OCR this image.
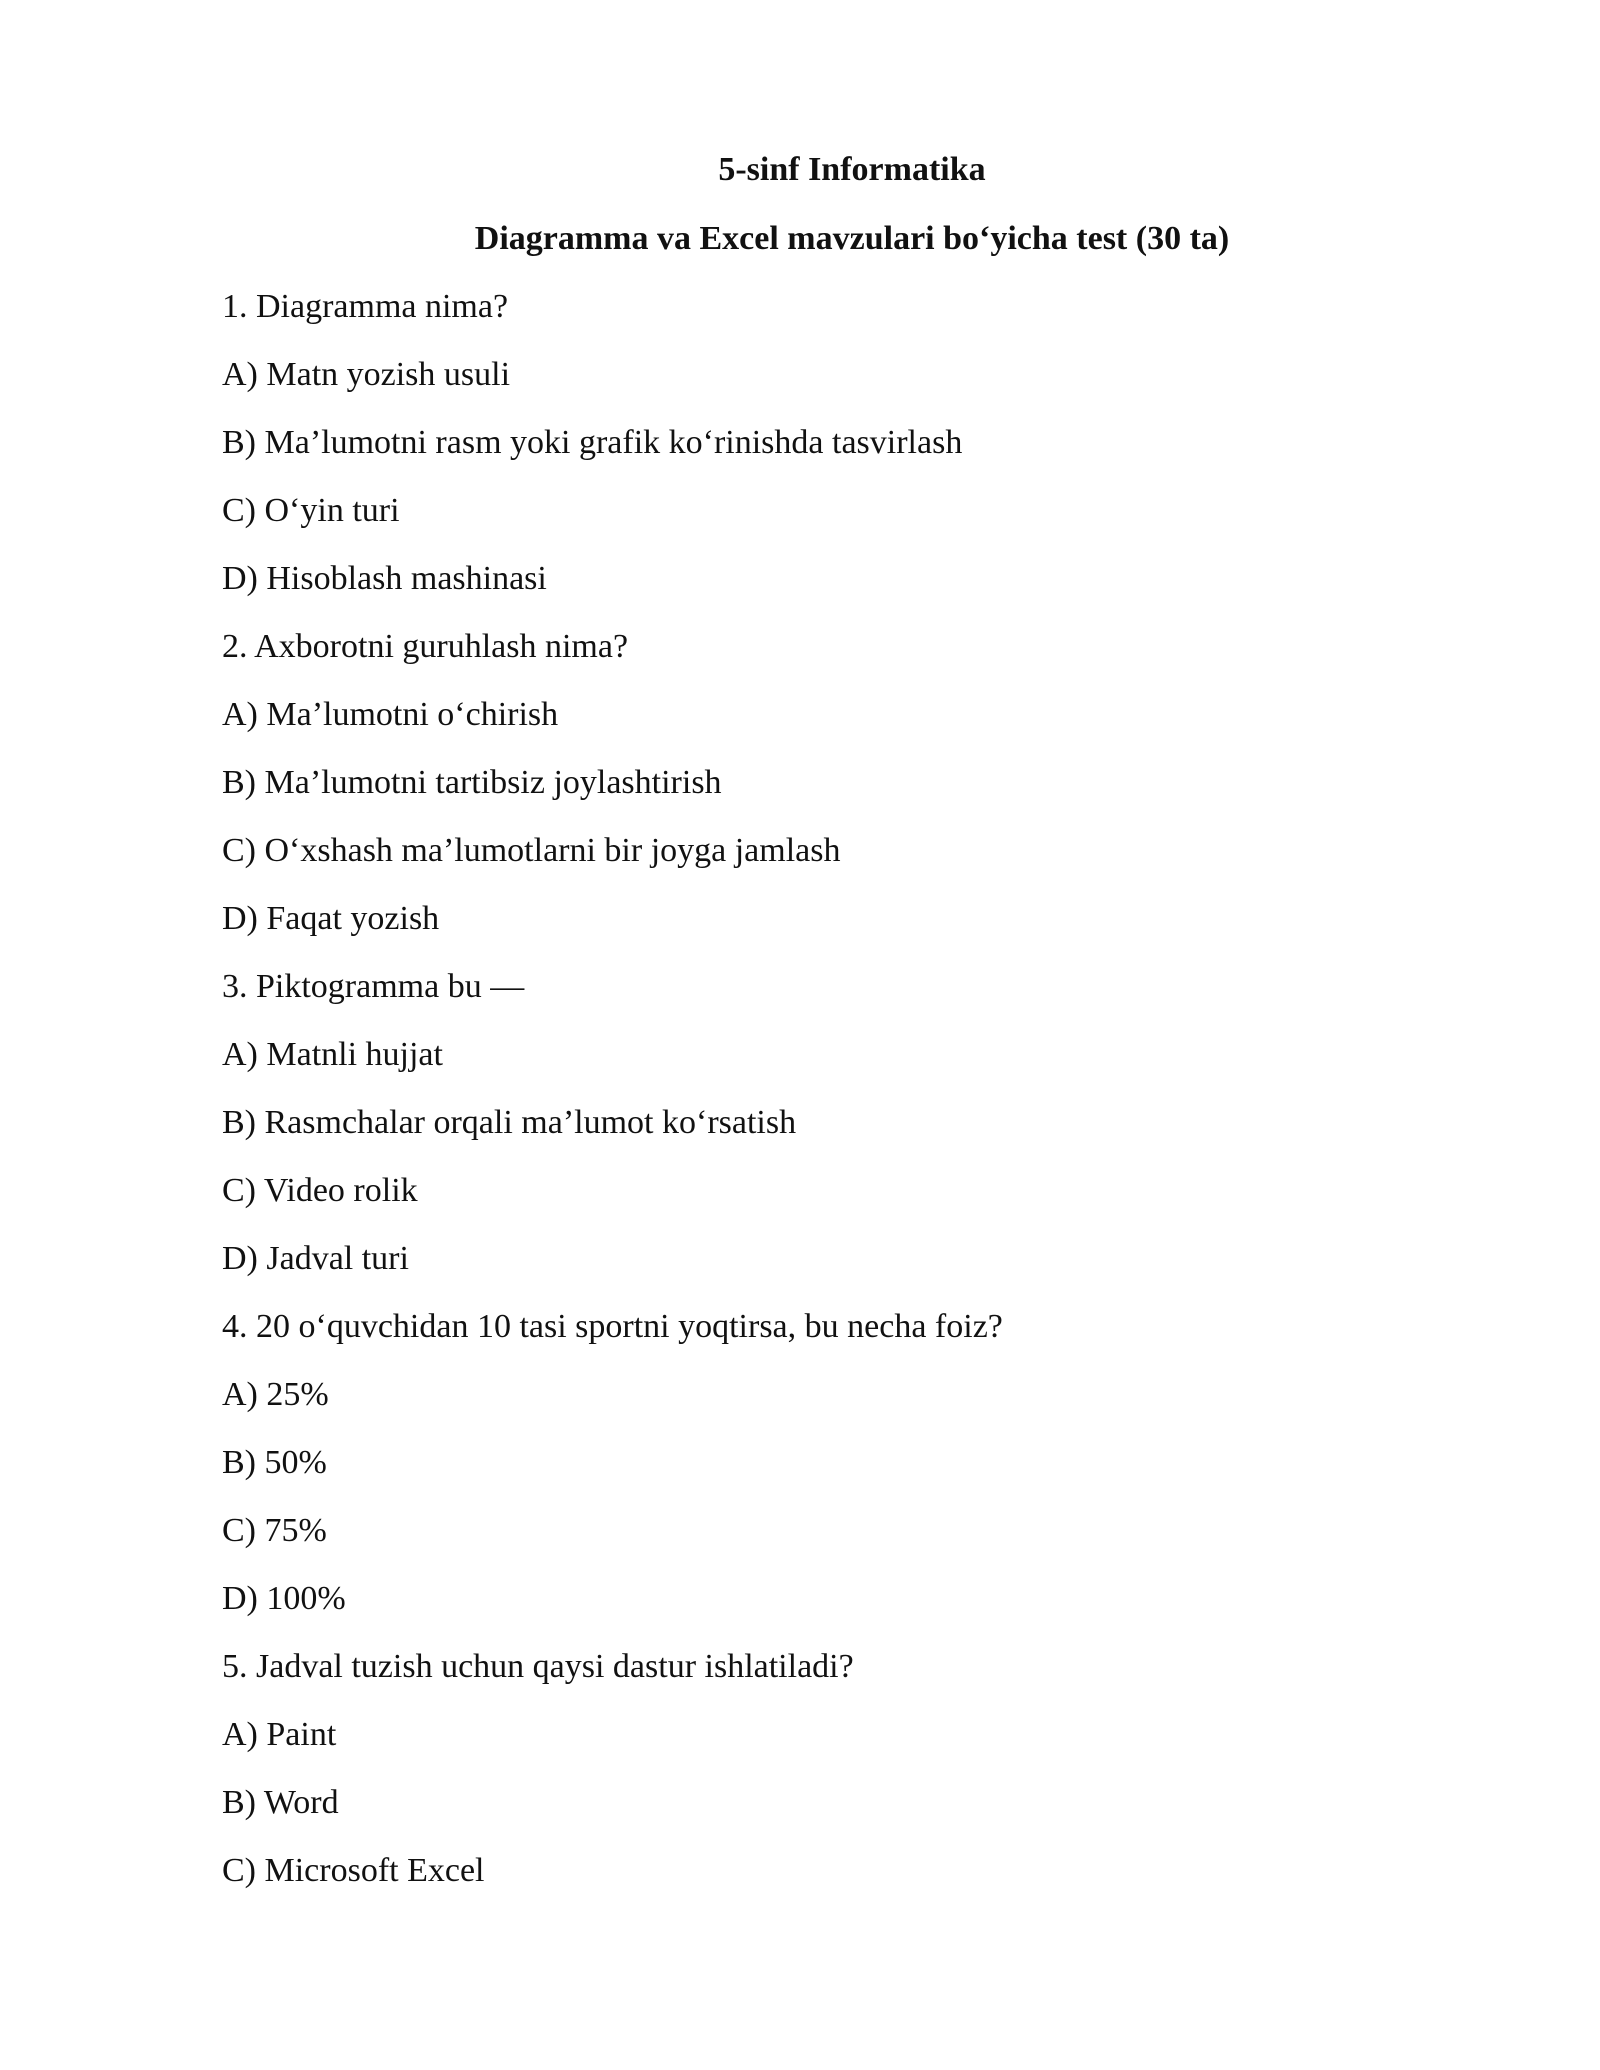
5-sinf Informatika
Diagramma va Excel mavzulari bo‘yicha test (30 ta)
1. Diagramma nima?
A) Matn yozish usuli
B) Ma’lumotni rasm yoki grafik ko‘rinishda tasvirlash
C) O‘yin turi
D) Hisoblash mashinasi
2. Axborotni guruhlash nima?
A) Ma’lumotni o‘chirish
B) Ma’lumotni tartibsiz joylashtirish
C) O‘xshash ma’lumotlarni bir joyga jamlash
D) Faqat yozish
3. Piktogramma bu —
A) Matnli hujjat
B) Rasmchalar orqali ma’lumot ko‘rsatish
C) Video rolik
D) Jadval turi
4. 20 o‘quvchidan 10 tasi sportni yoqtirsa, bu necha foiz?
A) 25%
B) 50%
C) 75%
D) 100%
5. Jadval tuzish uchun qaysi dastur ishlatiladi?
A) Paint
B) Word
C) Microsoft Excel
